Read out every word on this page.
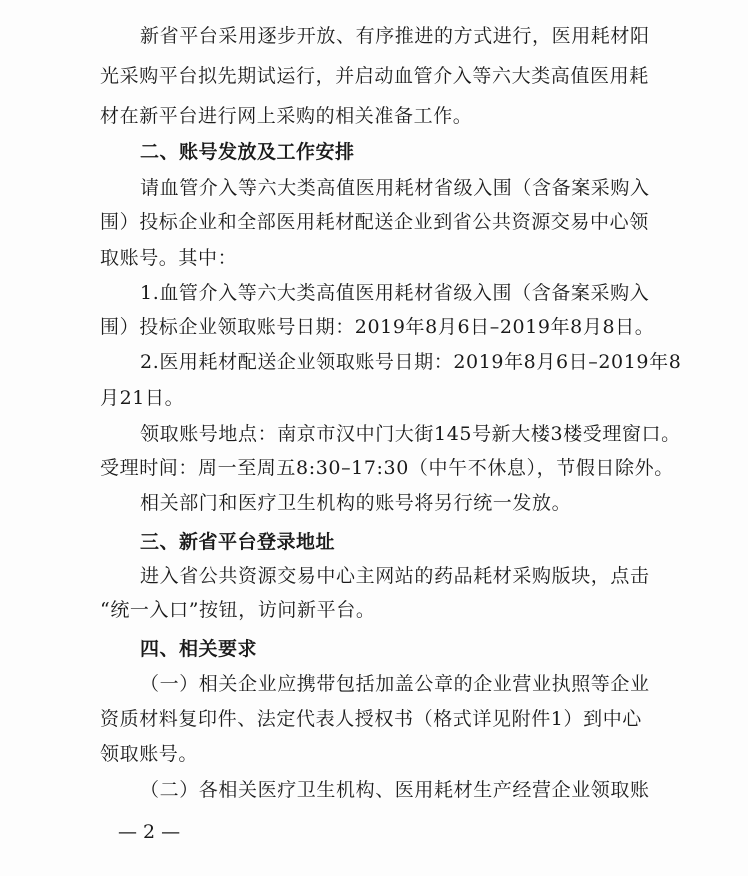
新省平台采用逐步开放、有序推进的方式进行，医用耗材阳
光采购平台拟先期试运行，并启动血管介入等六大类高值医用耗
材在新平台进行网上采购的相关准备工作。
二、账号发放及工作安排
请血管介入等六大类高值医用耗材省级入围（含备案采购入
围）投标企业和全部医用耗材配送企业到省公共资源交易中心领
取账号。其中：
1.血管介入等六大类高值医用耗材省级入围（含备案采购入
围）投标企业领取账号日期：2019年8月6日–2019年8月8日。
2.医用耗材配送企业领取账号日期：2019年8月6日–2019年8
月21日。
领取账号地点：南京市汉中门大街145号新大楼3楼受理窗口。
受理时间：周一至周五8:30–17:30（中午不休息），节假日除外。
相关部门和医疗卫生机构的账号将另行统一发放。
三、新省平台登录地址
进入省公共资源交易中心主网站的药品耗材采购版块，点击
“统一入口”按钮，访问新平台。
四、相关要求
（一）相关企业应携带包括加盖公章的企业营业执照等企业
资质材料复印件、法定代表人授权书（格式详见附件1）到中心
领取账号。
（二）各相关医疗卫生机构、医用耗材生产经营企业领取账
— 2 —
